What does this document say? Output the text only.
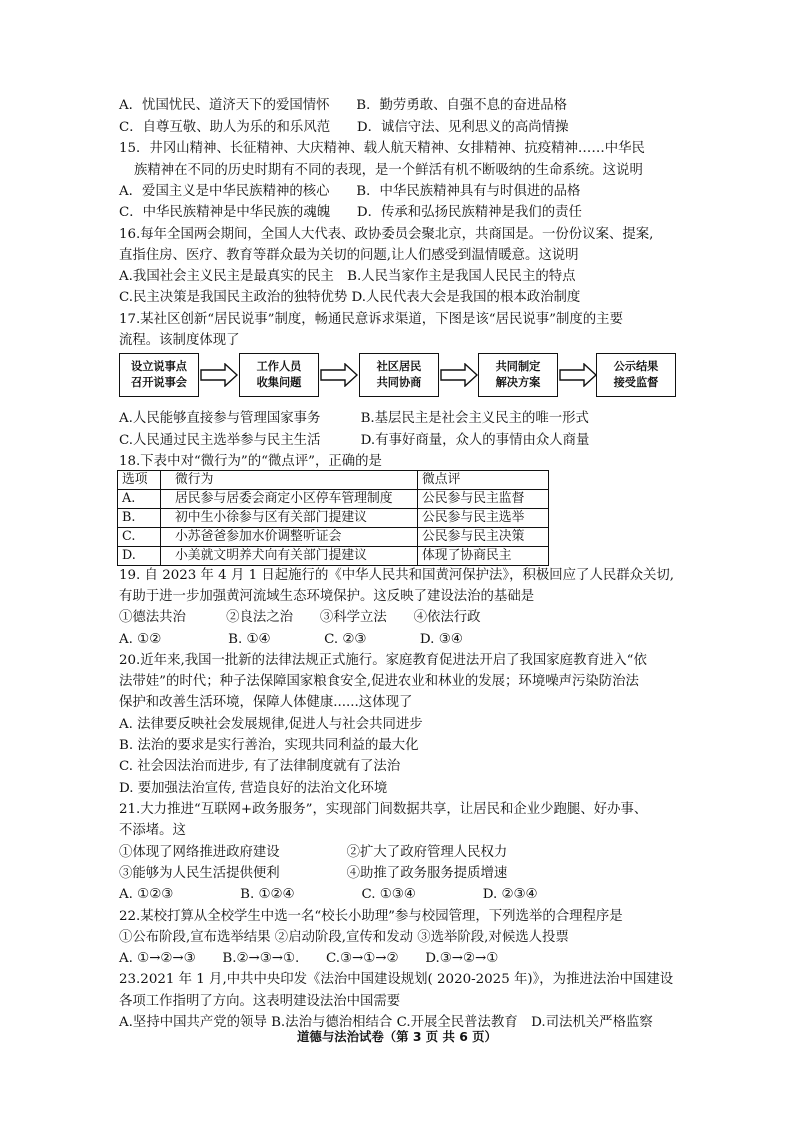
A．忧国忧民、道济天下的爱国情怀　　B．勤劳勇敢、自强不息的奋进品格
C．自尊互敬、助人为乐的和乐风范　　D．诚信守法、见利思义的高尚情操
15．井冈山精神、长征精神、大庆精神、载人航天精神、女排精神、抗疫精神……中华民
族精神在不同的历史时期有不同的表现，是一个鲜活有机不断吸纳的生命系统。这说明
A．爱国主义是中华民族精神的核心　　B．中华民族精神具有与时俱进的品格
C．中华民族精神是中华民族的魂魄　　D．传承和弘扬民族精神是我们的责任
16.每年全国两会期间，全国人大代表、政协委员会聚北京，共商国是。一份份议案、提案,
直指住房、医疗、教育等群众最为关切的问题,让人们感受到温情暖意。这说明
A.我国社会主义民主是最真实的民主　B.人民当家作主是我国人民民主的特点
C.民主决策是我国民主政治的独特优势 D.人民代表大会是我国的根本政治制度
17.某社区创新“居民说事”制度，畅通民意诉求渠道，下图是该“居民说事”制度的主要
流程。该制度体现了
A.人民能够直接参与管理国家事务　　　B.基层民主是社会主义民主的唯一形式
C.人民通过民主选举参与民主生活　　　D.有事好商量，众人的事情由众人商量
18.下表中对“微行为”的“微点评”，正确的是
19. 自 2023 年 4 月 1 日起施行的《中华人民共和国黄河保护法》，积极回应了人民群众关切,
有助于进一步加强黄河流域生态环境保护。这反映了建设法治的基础是
①德法共治　　　②良法之治　　③科学立法　　④依法行政
A. ①②　　　　　B. ①④　　　　C. ②③　　　　D. ③④
20.近年来,我国一批新的法律法规正式施行。家庭教育促进法开启了我国家庭教育进入“依
法带娃”的时代；种子法保障国家粮食安全,促进农业和林业的发展；环境噪声污染防治法
保护和改善生活环境，保障人体健康......这体现了
A. 法律要反映社会发展规律,促进人与社会共同进步
B. 法治的要求是实行善治，实现共同利益的最大化
C. 社会因法治而进步, 有了法律制度就有了法治
D. 要加强法治宣传, 营造良好的法治文化环境
21.大力推进“互联网+政务服务”，实现部门间数据共享，让居民和企业少跑腿、好办事、
不添堵。这
①体现了网络推进政府建设　　　　　②扩大了政府管理人民权力
③能够为人民生活提供便利　　　　　④助推了政务服务提质增速
A. ①②③　　　　　B. ①②④　　　　　C. ①③④　　　　　D. ②③④
22.某校打算从全校学生中选一名“校长小助理”参与校园管理，下列选举的合理程序是
①公布阶段,宣布选举结果 ②启动阶段,宣传和发动 ③选举阶段,对候选人投票
A. ①→②→③　　B.②→③→①.　　C.③→①→②　　D.③→②→①
23.2021 年 1 月,中共中央印发《法治中国建设规划( 2020-2025 年)》，为推进法治中国建设
各项工作指明了方向。这表明建设法治中国需要
A.坚持中国共产党的领导 B.法治与德治相结合 C.开展全民普法教育　D.司法机关严格监察
设立说事点
召开说事会
工作人员
收集问题
社区居民
共同协商
共同制定
解决方案
公示结果
接受监督
选项	微行为	微点评
A.	居民参与居委会商定小区停车管理制度	公民参与民主监督
B.	初中生小徐参与区有关部门提建议	公民参与民主选举
C.	小苏爸爸参加水价调整听证会	公民参与民主决策
D.	小美就文明养犬向有关部门提建议	体现了协商民主
道德与法治试卷（第 3 页 共 6 页）
